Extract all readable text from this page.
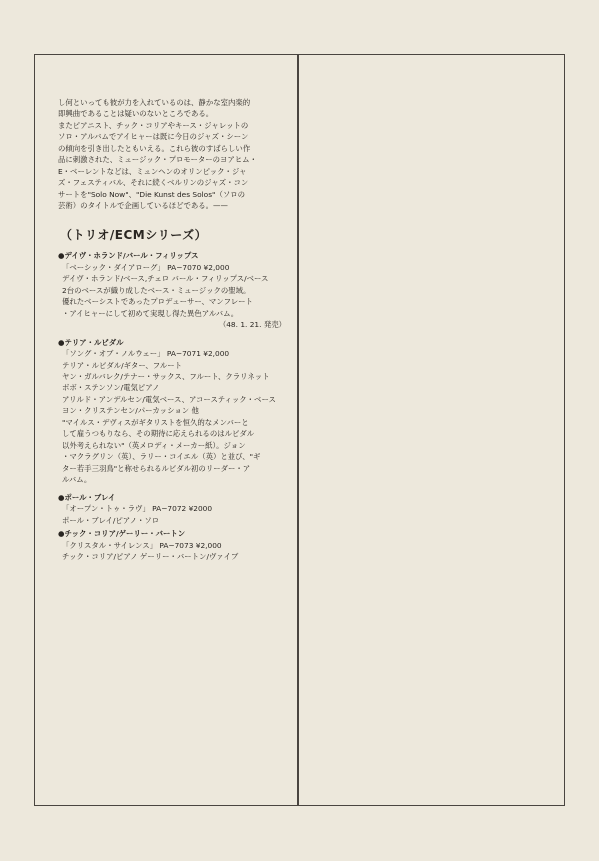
し何といっても彼が力を入れているのは、静かな室内楽的

即興曲であることは疑いのないところである。

またピアニスト、チック・コリアやキース・ジャレットの

ソロ・アルバムでアイヒャーは既に今日のジャズ・シーン

の傾向を引き出したともいえる。これら彼のすばらしい作

品に刺激された、ミュージック・プロモーターのヨアヒム・

E・ベーレントなどは、ミュンヘンのオリンピック・ジャ

ズ・フェスティバル、それに続くベルリンのジャズ・コン

サートを"Solo Now"、"Die Kunst des Solos"（ソロの

芸術）のタイトルで企画しているほどである。——

（トリオ/ECMシリーズ）
●デイヴ・ホランド/バール・フィリップス
「ベーシック・ダイアローグ」 PA−7070 ¥2,000
デイヴ・ホランド/ベース,チェロ バール・フィリップス/ベース
2台のベースが織り成したベース・ミュージックの聖域。
優れたベーシストであったプロデューサー、マンフレート
・アイヒャーにして初めて実現し得た異色アルバム。
（48. 1. 21. 発売）
●テリア・ルビダル
「ソング・オブ・ノルウェー」 PA−7071 ¥2,000
テリア・ルビダル/ギター、フルート
ヤン・ガルバレク/テナー・サックス、フルート、クラリネット
ボボ・ステンソン/電気ピアノ
アリルド・アンデルセン/電気ベース、アコースティック・ベース
ヨン・クリステンセン/パーカッション 他
"マイルス・デヴィスがギタリストを恒久的なメンバーと
して雇うつもりなら、その期待に応えられるのはルビダル
以外考えられない"（英メロディ・メーカー紙）。ジョン
・マクラグリン（英）、ラリー・コイエル（英）と並び、"ギ
ター若手三羽鳥"と称せられるルビダル初のリーダー・ア
ルバム。
●ポール・ブレイ
「オープン・トゥ・ラヴ」 PA−7072 ¥2000
ポール・ブレイ/ピアノ・ソロ
●チック・コリア/ゲーリー・バートン
「クリスタル・サイレンス」 PA−7073 ¥2,000
チック・コリア/ピアノ ゲーリー・バートン/ヴァイブ
